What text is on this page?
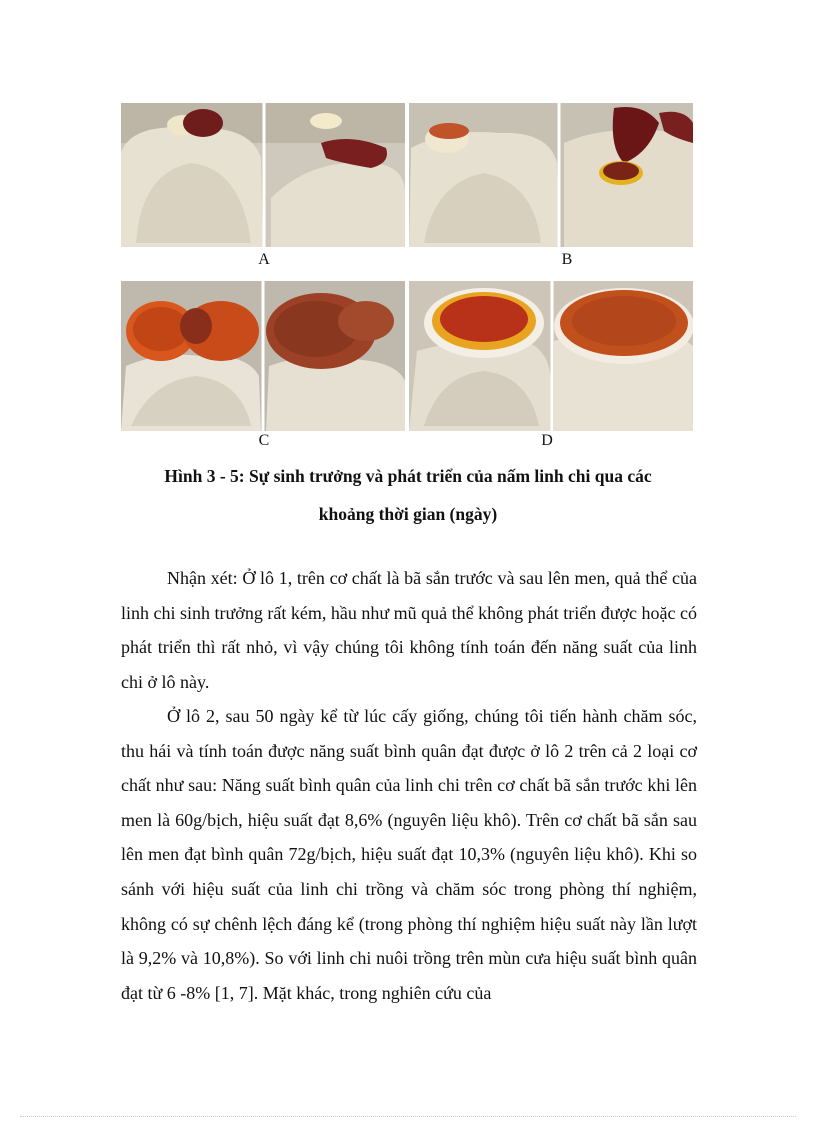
A	B
C	D
Hình 3 - 5: Sự sinh trưởng và phát triển của nấm linh chi qua các
khoảng thời gian (ngày)

Nhận xét: Ở lô 1, trên cơ chất là bã sắn trước và sau lên men, quả thể của linh chi sinh trưởng rất kém, hầu như mũ quả thể không phát triển được hoặc có phát triển thì rất nhỏ, vì vậy chúng tôi không tính toán đến năng suất của linh chi ở lô này.

Ở lô 2, sau 50 ngày kể từ lúc cấy giống, chúng tôi tiến hành chăm sóc, thu hái và tính toán được năng suất bình quân đạt được ở lô 2 trên cả 2 loại cơ chất như sau: Năng suất bình quân của linh chi trên cơ chất bã sắn trước khi lên men là 60g/bịch, hiệu suất đạt 8,6% (nguyên liệu khô). Trên cơ chất bã sắn sau lên men đạt bình quân 72g/bịch, hiệu suất đạt 10,3% (nguyên liệu khô). Khi so sánh với hiệu suất của linh chi trồng và chăm sóc trong phòng thí nghiệm, không có sự chênh lệch đáng kể (trong phòng thí nghiệm hiệu suất này lần lượt là 9,2% và 10,8%). So với linh chi nuôi trồng trên mùn cưa hiệu suất bình quân đạt từ 6 -8% [1, 7]. Mặt khác, trong nghiên cứu của
